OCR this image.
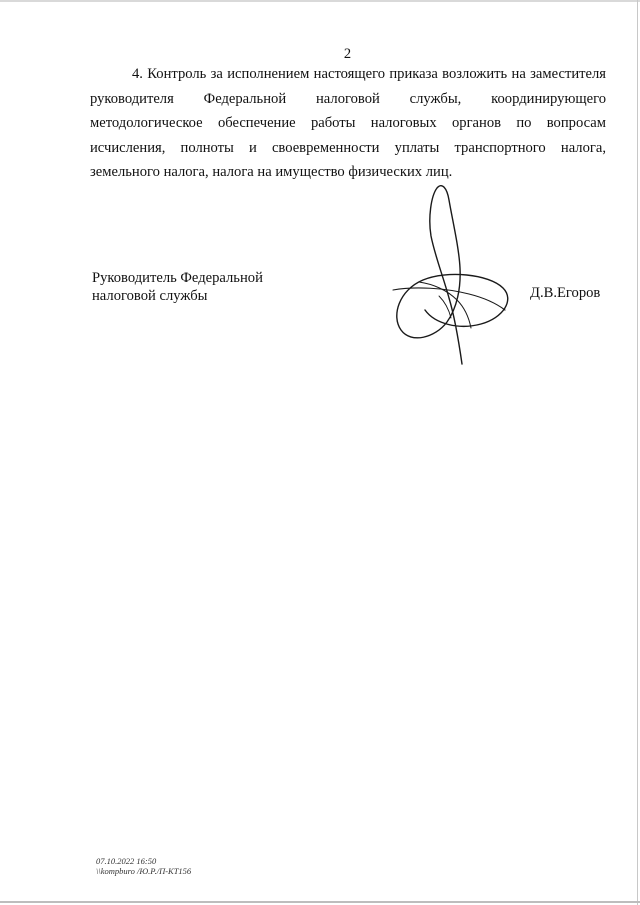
2

4. Контроль за исполнением настоящего приказа возложить на заместителя руководителя Федеральной налоговой службы, координирующего методологическое обеспечение работы налоговых органов по вопросам исчисления, полноты и своевременности уплаты транспортного налога, земельного налога, налога на имущество физических лиц.

Руководитель Федеральной
налоговой службы	Д.В.Егоров
07.10.2022 16:50
\\kompburo /Ю.Р./П-КТ156
